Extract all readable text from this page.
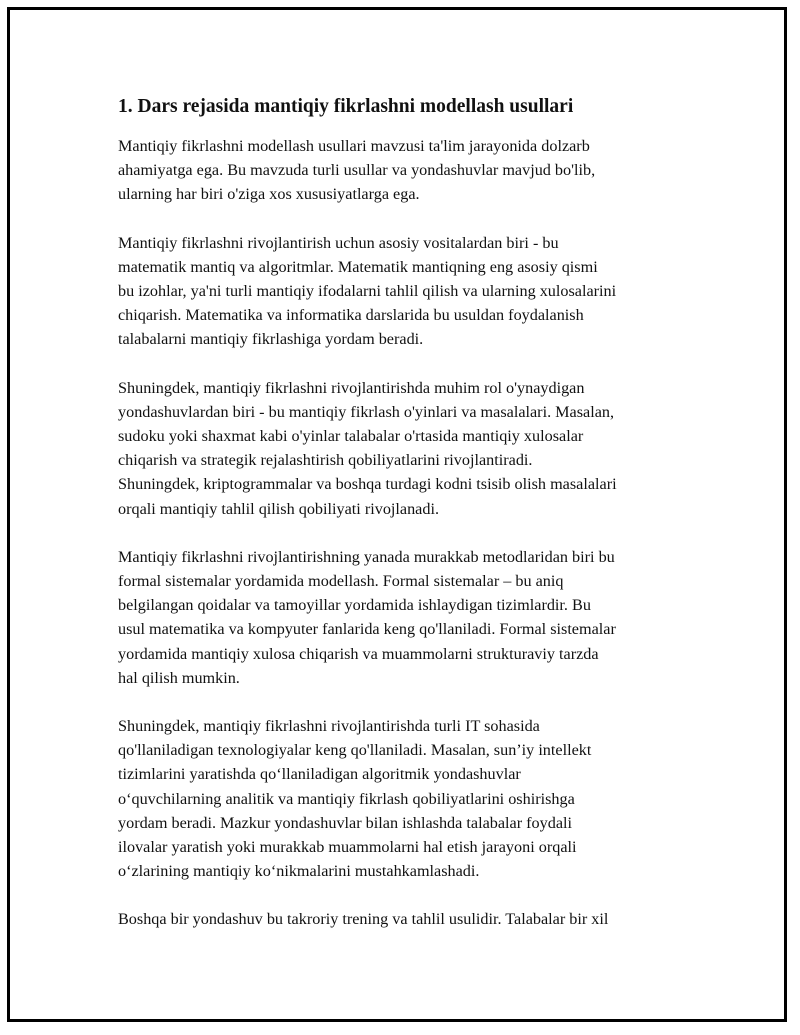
1. Dars rejasida mantiqiy fikrlashni modellash usullari

Mantiqiy fikrlashni modellash usullari mavzusi ta'lim jarayonida dolzarb
ahamiyatga ega. Bu mavzuda turli usullar va yondashuvlar mavjud bo'lib,
ularning har biri o'ziga xos xususiyatlarga ega.

Mantiqiy fikrlashni rivojlantirish uchun asosiy vositalardan biri - bu
matematik mantiq va algoritmlar. Matematik mantiqning eng asosiy qismi
bu izohlar, ya'ni turli mantiqiy ifodalarni tahlil qilish va ularning xulosalarini
chiqarish. Matematika va informatika darslarida bu usuldan foydalanish
talabalarni mantiqiy fikrlashiga yordam beradi.

Shuningdek, mantiqiy fikrlashni rivojlantirishda muhim rol o'ynaydigan
yondashuvlardan biri - bu mantiqiy fikrlash o'yinlari va masalalari. Masalan,
sudoku yoki shaxmat kabi o'yinlar talabalar o'rtasida mantiqiy xulosalar
chiqarish va strategik rejalashtirish qobiliyatlarini rivojlantiradi.
Shuningdek, kriptogrammalar va boshqa turdagi kodni tsisib olish masalalari
orqali mantiqiy tahlil qilish qobiliyati rivojlanadi.

Mantiqiy fikrlashni rivojlantirishning yanada murakkab metodlaridan biri bu
formal sistemalar yordamida modellash. Formal sistemalar – bu aniq
belgilangan qoidalar va tamoyillar yordamida ishlaydigan tizimlardir. Bu
usul matematika va kompyuter fanlarida keng qo'llaniladi. Formal sistemalar
yordamida mantiqiy xulosa chiqarish va muammolarni strukturaviy tarzda
hal qilish mumkin.

Shuningdek, mantiqiy fikrlashni rivojlantirishda turli IT sohasida
qo'llaniladigan texnologiyalar keng qo'llaniladi. Masalan, sun’iy intellekt
tizimlarini yaratishda qo‘llaniladigan algoritmik yondashuvlar
o‘quvchilarning analitik va mantiqiy fikrlash qobiliyatlarini oshirishga
yordam beradi. Mazkur yondashuvlar bilan ishlashda talabalar foydali
ilovalar yaratish yoki murakkab muammolarni hal etish jarayoni orqali
o‘zlarining mantiqiy ko‘nikmalarini mustahkamlashadi.

Boshqa bir yondashuv bu takroriy trening va tahlil usulidir. Talabalar bir xil
